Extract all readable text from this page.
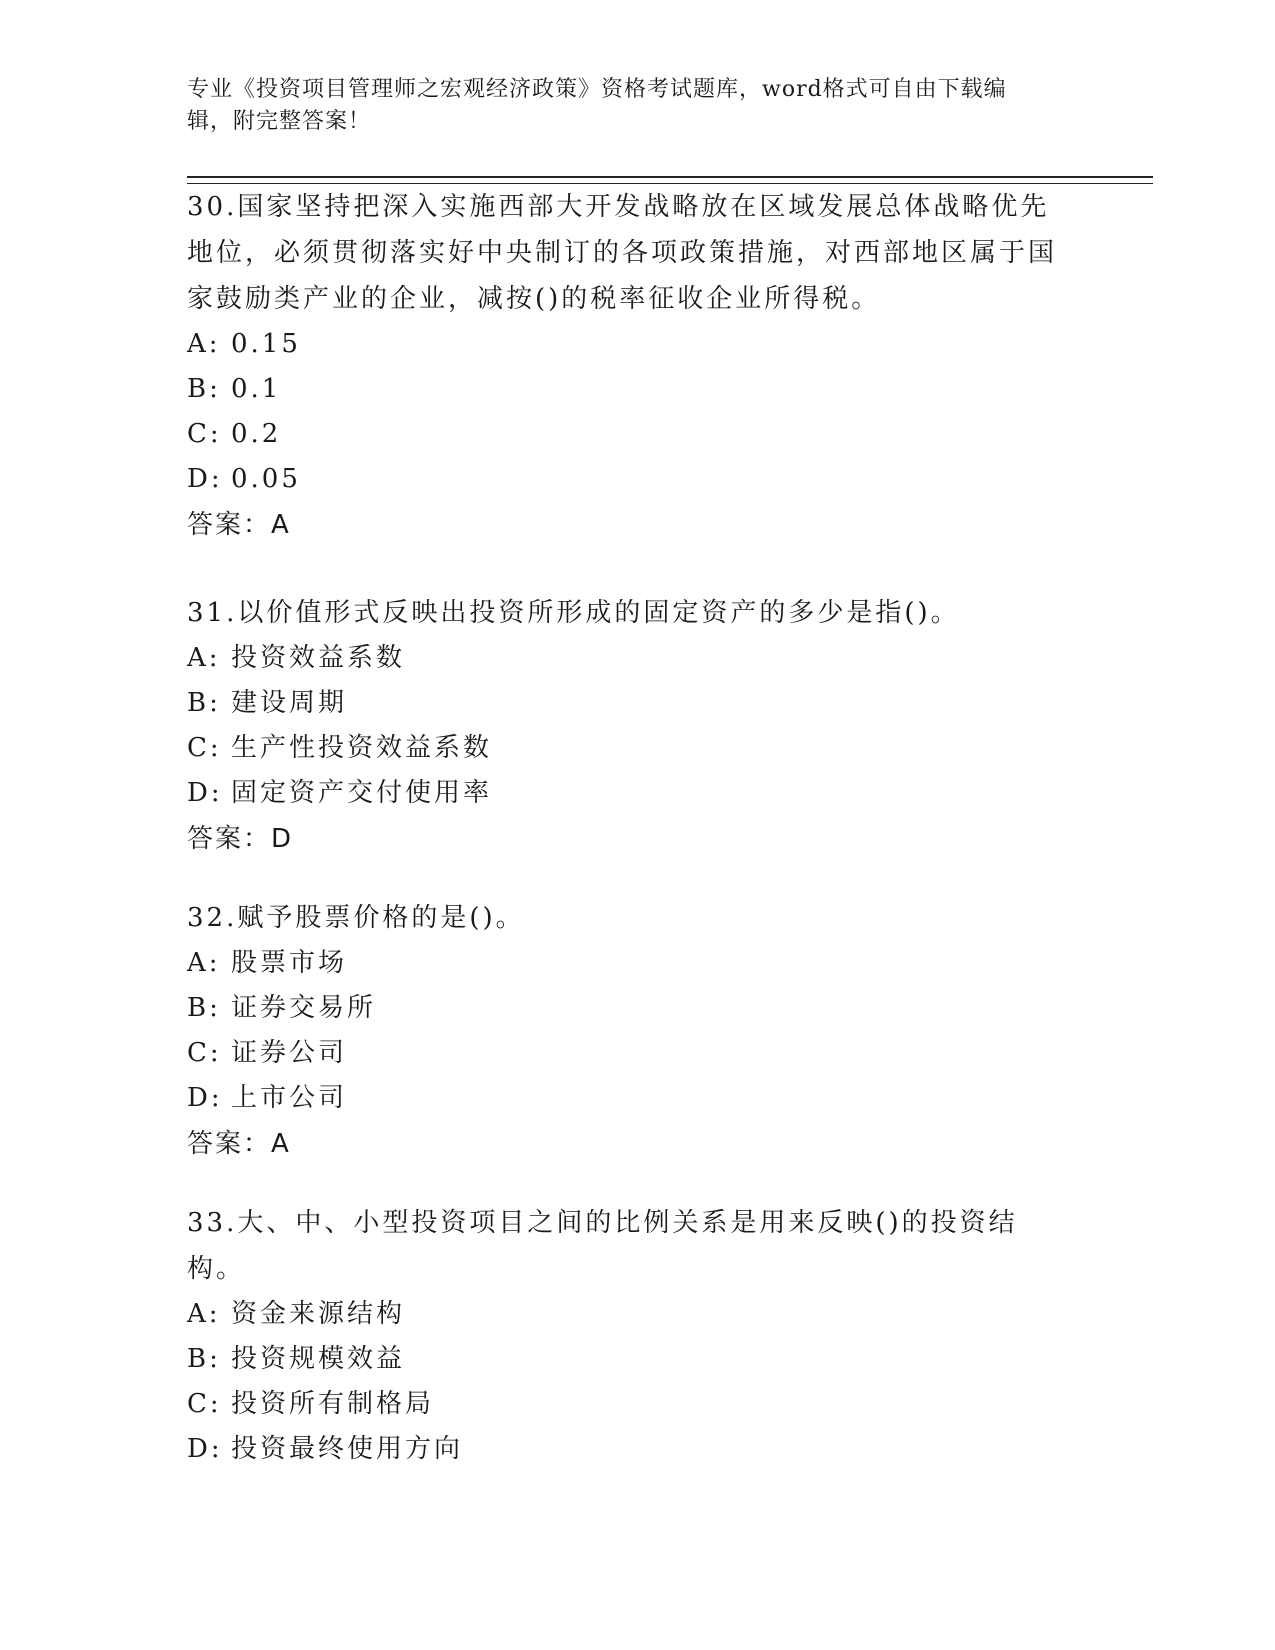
专业《投资项目管理师之宏观经济政策》资格考试题库，word格式可自由下载编
辑，附完整答案！
30.国家坚持把深入实施西部大开发战略放在区域发展总体战略优先地位，必须贯彻落实好中央制订的各项政策措施，对西部地区属于国家鼓励类产业的企业，减按()的税率征收企业所得税。
A: 0.15
B: 0.1
C: 0.2
D: 0.05
答案：A
31.以价值形式反映出投资所形成的固定资产的多少是指()。
A: 投资效益系数
B: 建设周期
C: 生产性投资效益系数
D: 固定资产交付使用率
答案：D
32.赋予股票价格的是()。
A: 股票市场
B: 证券交易所
C: 证券公司
D: 上市公司
答案：A
33.大、中、小型投资项目之间的比例关系是用来反映()的投资结构。
A: 资金来源结构
B: 投资规模效益
C: 投资所有制格局
D: 投资最终使用方向
